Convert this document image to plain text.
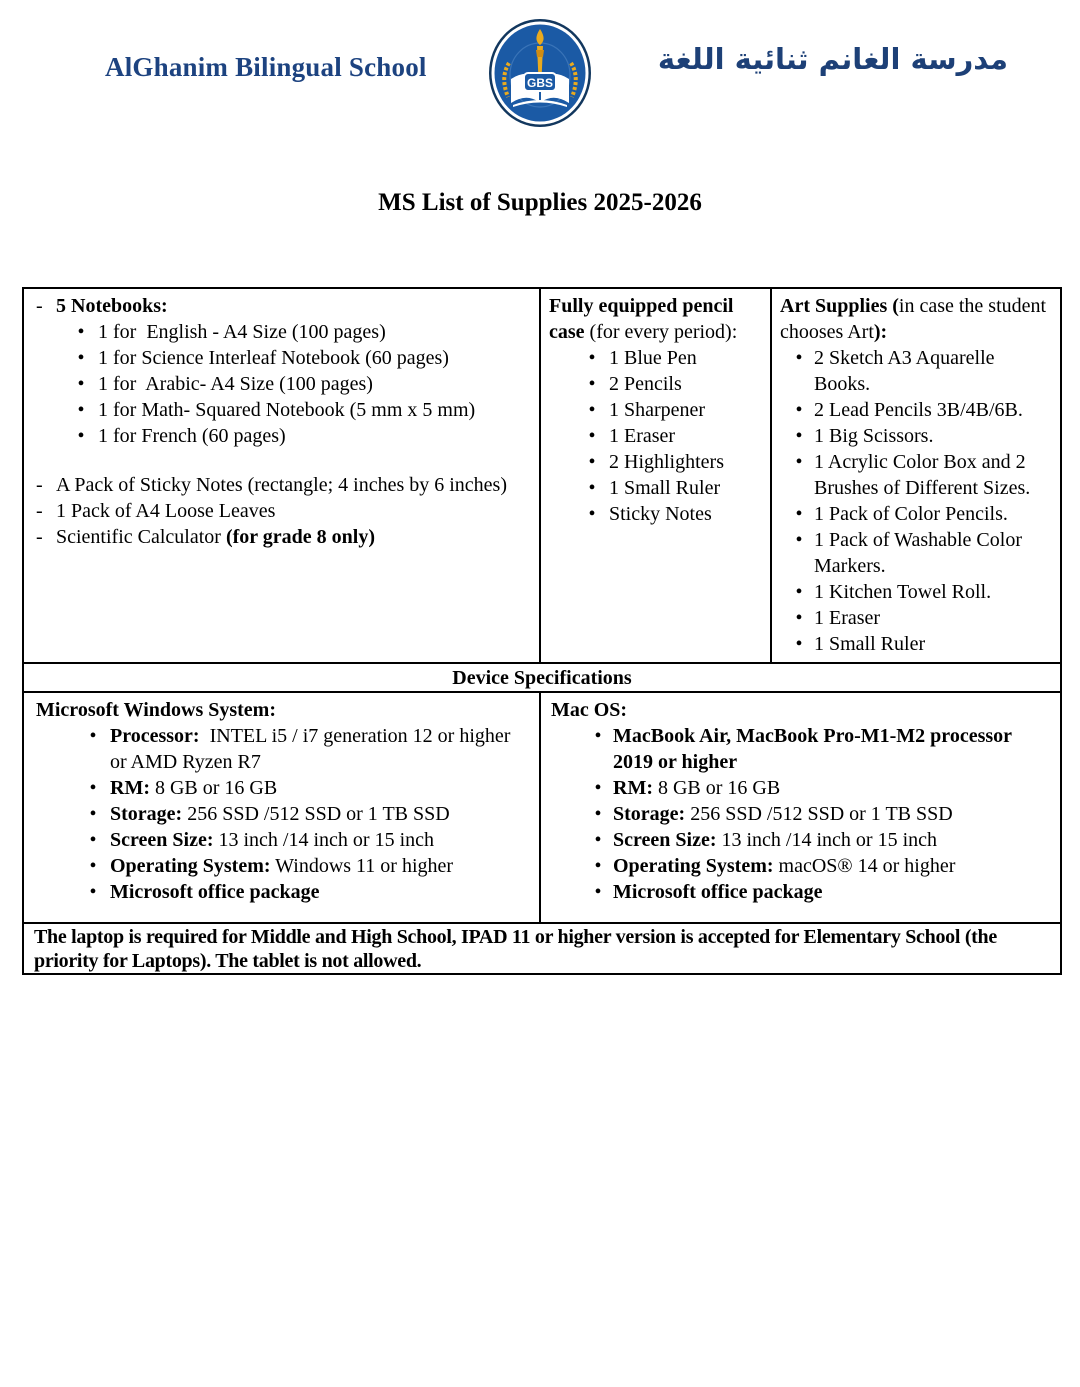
AlGhanim Bilingual School
GBS
مدرسة الغانم ثنائية اللغة
MS List of Supplies 2025-2026
- 5 Notebooks:
• 1 for  English - A4 Size (100 pages)
• 1 for Science Interleaf Notebook (60 pages)
• 1 for  Arabic- A4 Size (100 pages)
• 1 for Math- Squared Notebook (5 mm x 5 mm)
• 1 for French (60 pages)
- A Pack of Sticky Notes (rectangle; 4 inches by 6 inches)
- 1 Pack of A4 Loose Leaves
- Scientific Calculator (for grade 8 only)

Fully equipped pencil case (for every period):

• 1 Blue Pen
• 2 Pencils
• 1 Sharpener
• 1 Eraser
• 2 Highlighters
• 1 Small Ruler
• Sticky Notes

Art Supplies (in case the student chooses Art):

• 2 Sketch A3 Aquarelle Books.
• 2 Lead Pencils 3B/4B/6B.
• 1 Big Scissors.
• 1 Acrylic Color Box and 2 Brushes of Different Sizes.
• 1 Pack of Color Pencils.
• 1 Pack of Washable Color Markers.
• 1 Kitchen Towel Roll.
• 1 Eraser
• 1 Small Ruler
Device Specifications

Microsoft Windows System:

• Processor:  INTEL i5 / i7 generation 12 or higher or AMD Ryzen R7
• RM: 8 GB or 16 GB
• Storage: 256 SSD /512 SSD or 1 TB SSD
• Screen Size: 13 inch /14 inch or 15 inch
• Operating System: Windows 11 or higher
• Microsoft office package

Mac OS:

• MacBook Air, MacBook Pro-M1-M2 processor 2019 or higher
• RM: 8 GB or 16 GB
• Storage: 256 SSD /512 SSD or 1 TB SSD
• Screen Size: 13 inch /14 inch or 15 inch
• Operating System: macOS® 14 or higher
• Microsoft office package
The laptop is required for Middle and High School, IPAD 11 or higher version is accepted for Elementary School (the priority for Laptops). The tablet is not allowed.
